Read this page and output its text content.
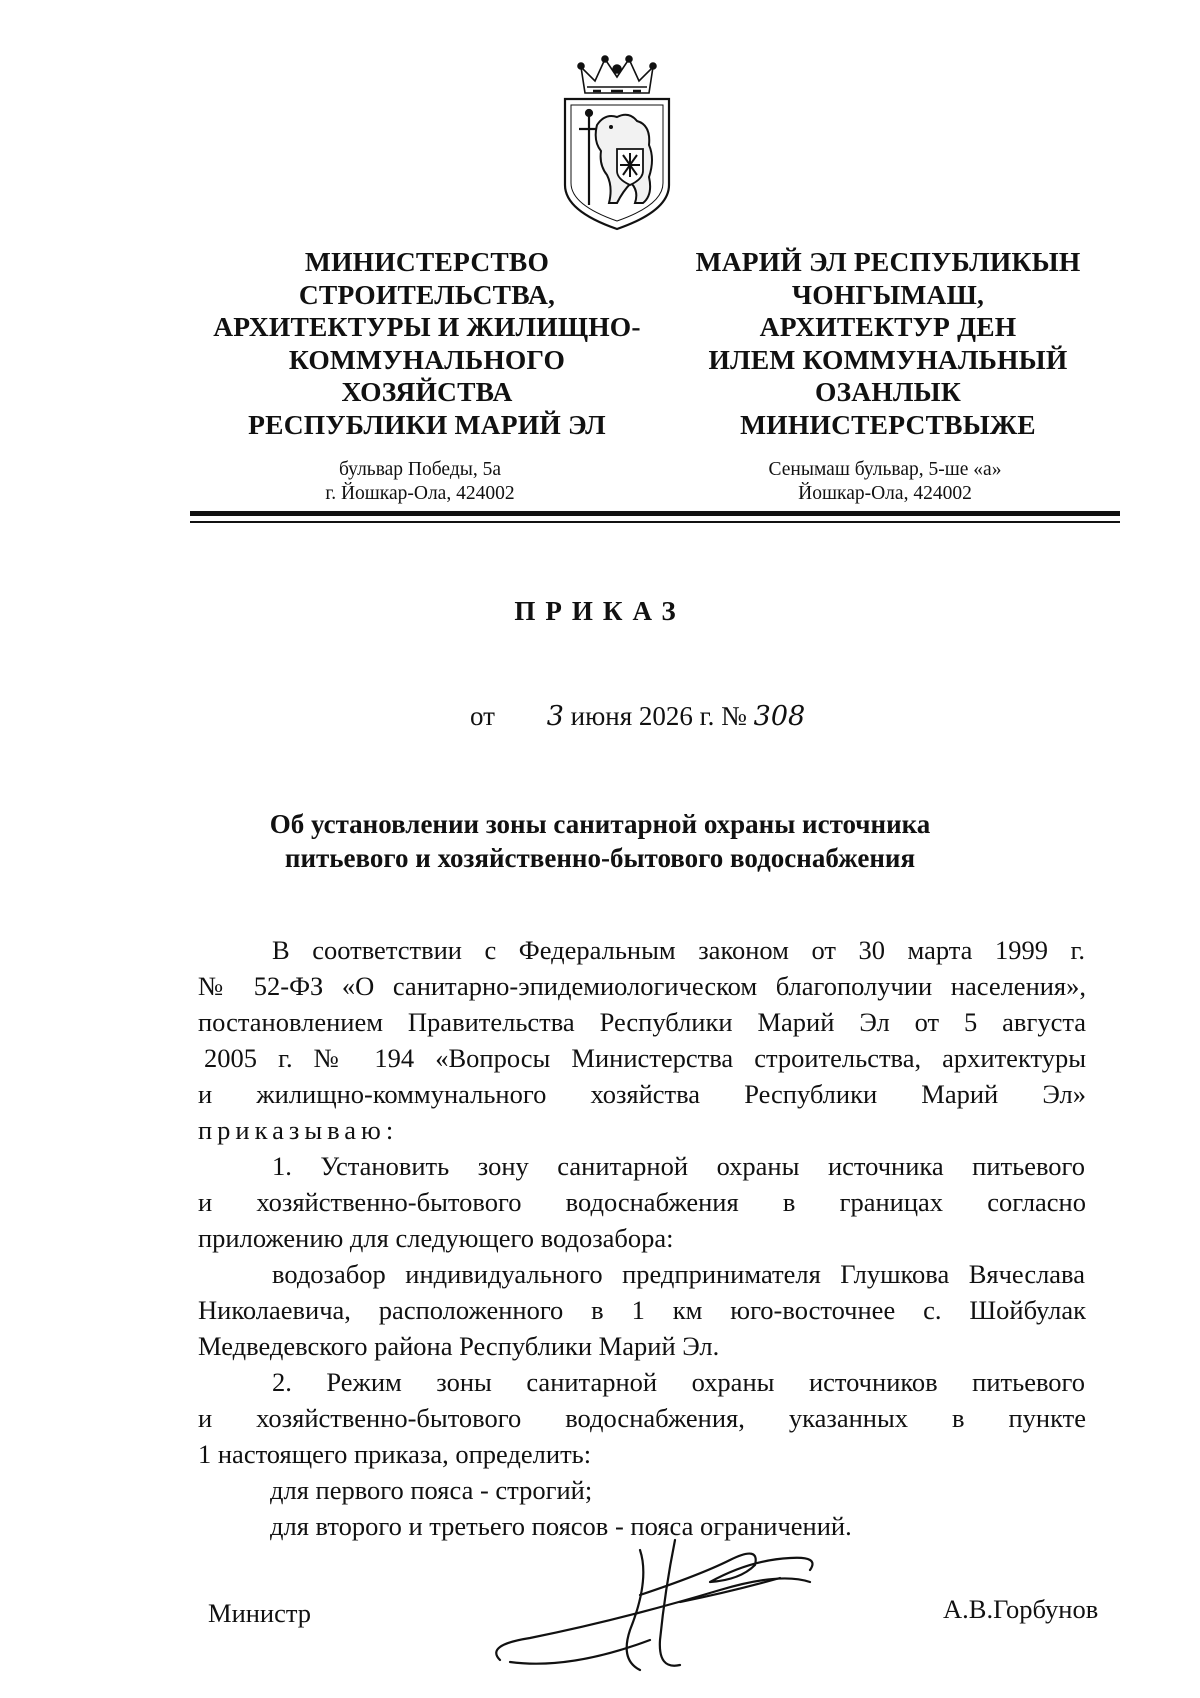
МИНИСТЕРСТВО
СТРОИТЕЛЬСТВА,
АРХИТЕКТУРЫ И ЖИЛИЩНО-
КОММУНАЛЬНОГО
ХОЗЯЙСТВА
РЕСПУБЛИКИ МАРИЙ ЭЛ
МАРИЙ ЭЛ РЕСПУБЛИКЫН
ЧОНГЫМАШ,
АРХИТЕКТУР ДЕН
ИЛЕМ КОММУНАЛЬНЫЙ
ОЗАНЛЫК
МИНИСТЕРСТВЫЖЕ
бульвар Победы, 5а
г. Йошкар-Ола, 424002
Сенымаш бульвар, 5-ше «а»
Йошкар-Ола, 424002
ПРИКАЗ
от 3 июня 2026 г. № 308
Об установлении зоны санитарной охраны источника
питьевого и хозяйственно-бытового водоснабжения
В соответствии с Федеральным законом от 30 марта 1999 г.
№ 52-ФЗ «О санитарно-эпидемиологическом благополучии населения»,
постановлением Правительства Республики Марий Эл от 5 августа
2005 г. № 194 «Вопросы Министерства строительства, архитектуры
и жилищно-коммунального хозяйства Республики Марий Эл»
приказываю:
1. Установить зону санитарной охраны источника питьевого
и хозяйственно-бытового водоснабжения в границах согласно
приложению для следующего водозабора:
водозабор индивидуального предпринимателя Глушкова Вячеслава
Николаевича, расположенного в 1 км юго-восточнее с. Шойбулак
Медведевского района Республики Марий Эл.
2. Режим зоны санитарной охраны источников питьевого
и хозяйственно-бытового водоснабжения, указанных в пункте
1 настоящего приказа, определить:
для первого пояса - строгий;
для второго и третьего поясов - пояса ограничений.
Министр	А.В.Горбунов
